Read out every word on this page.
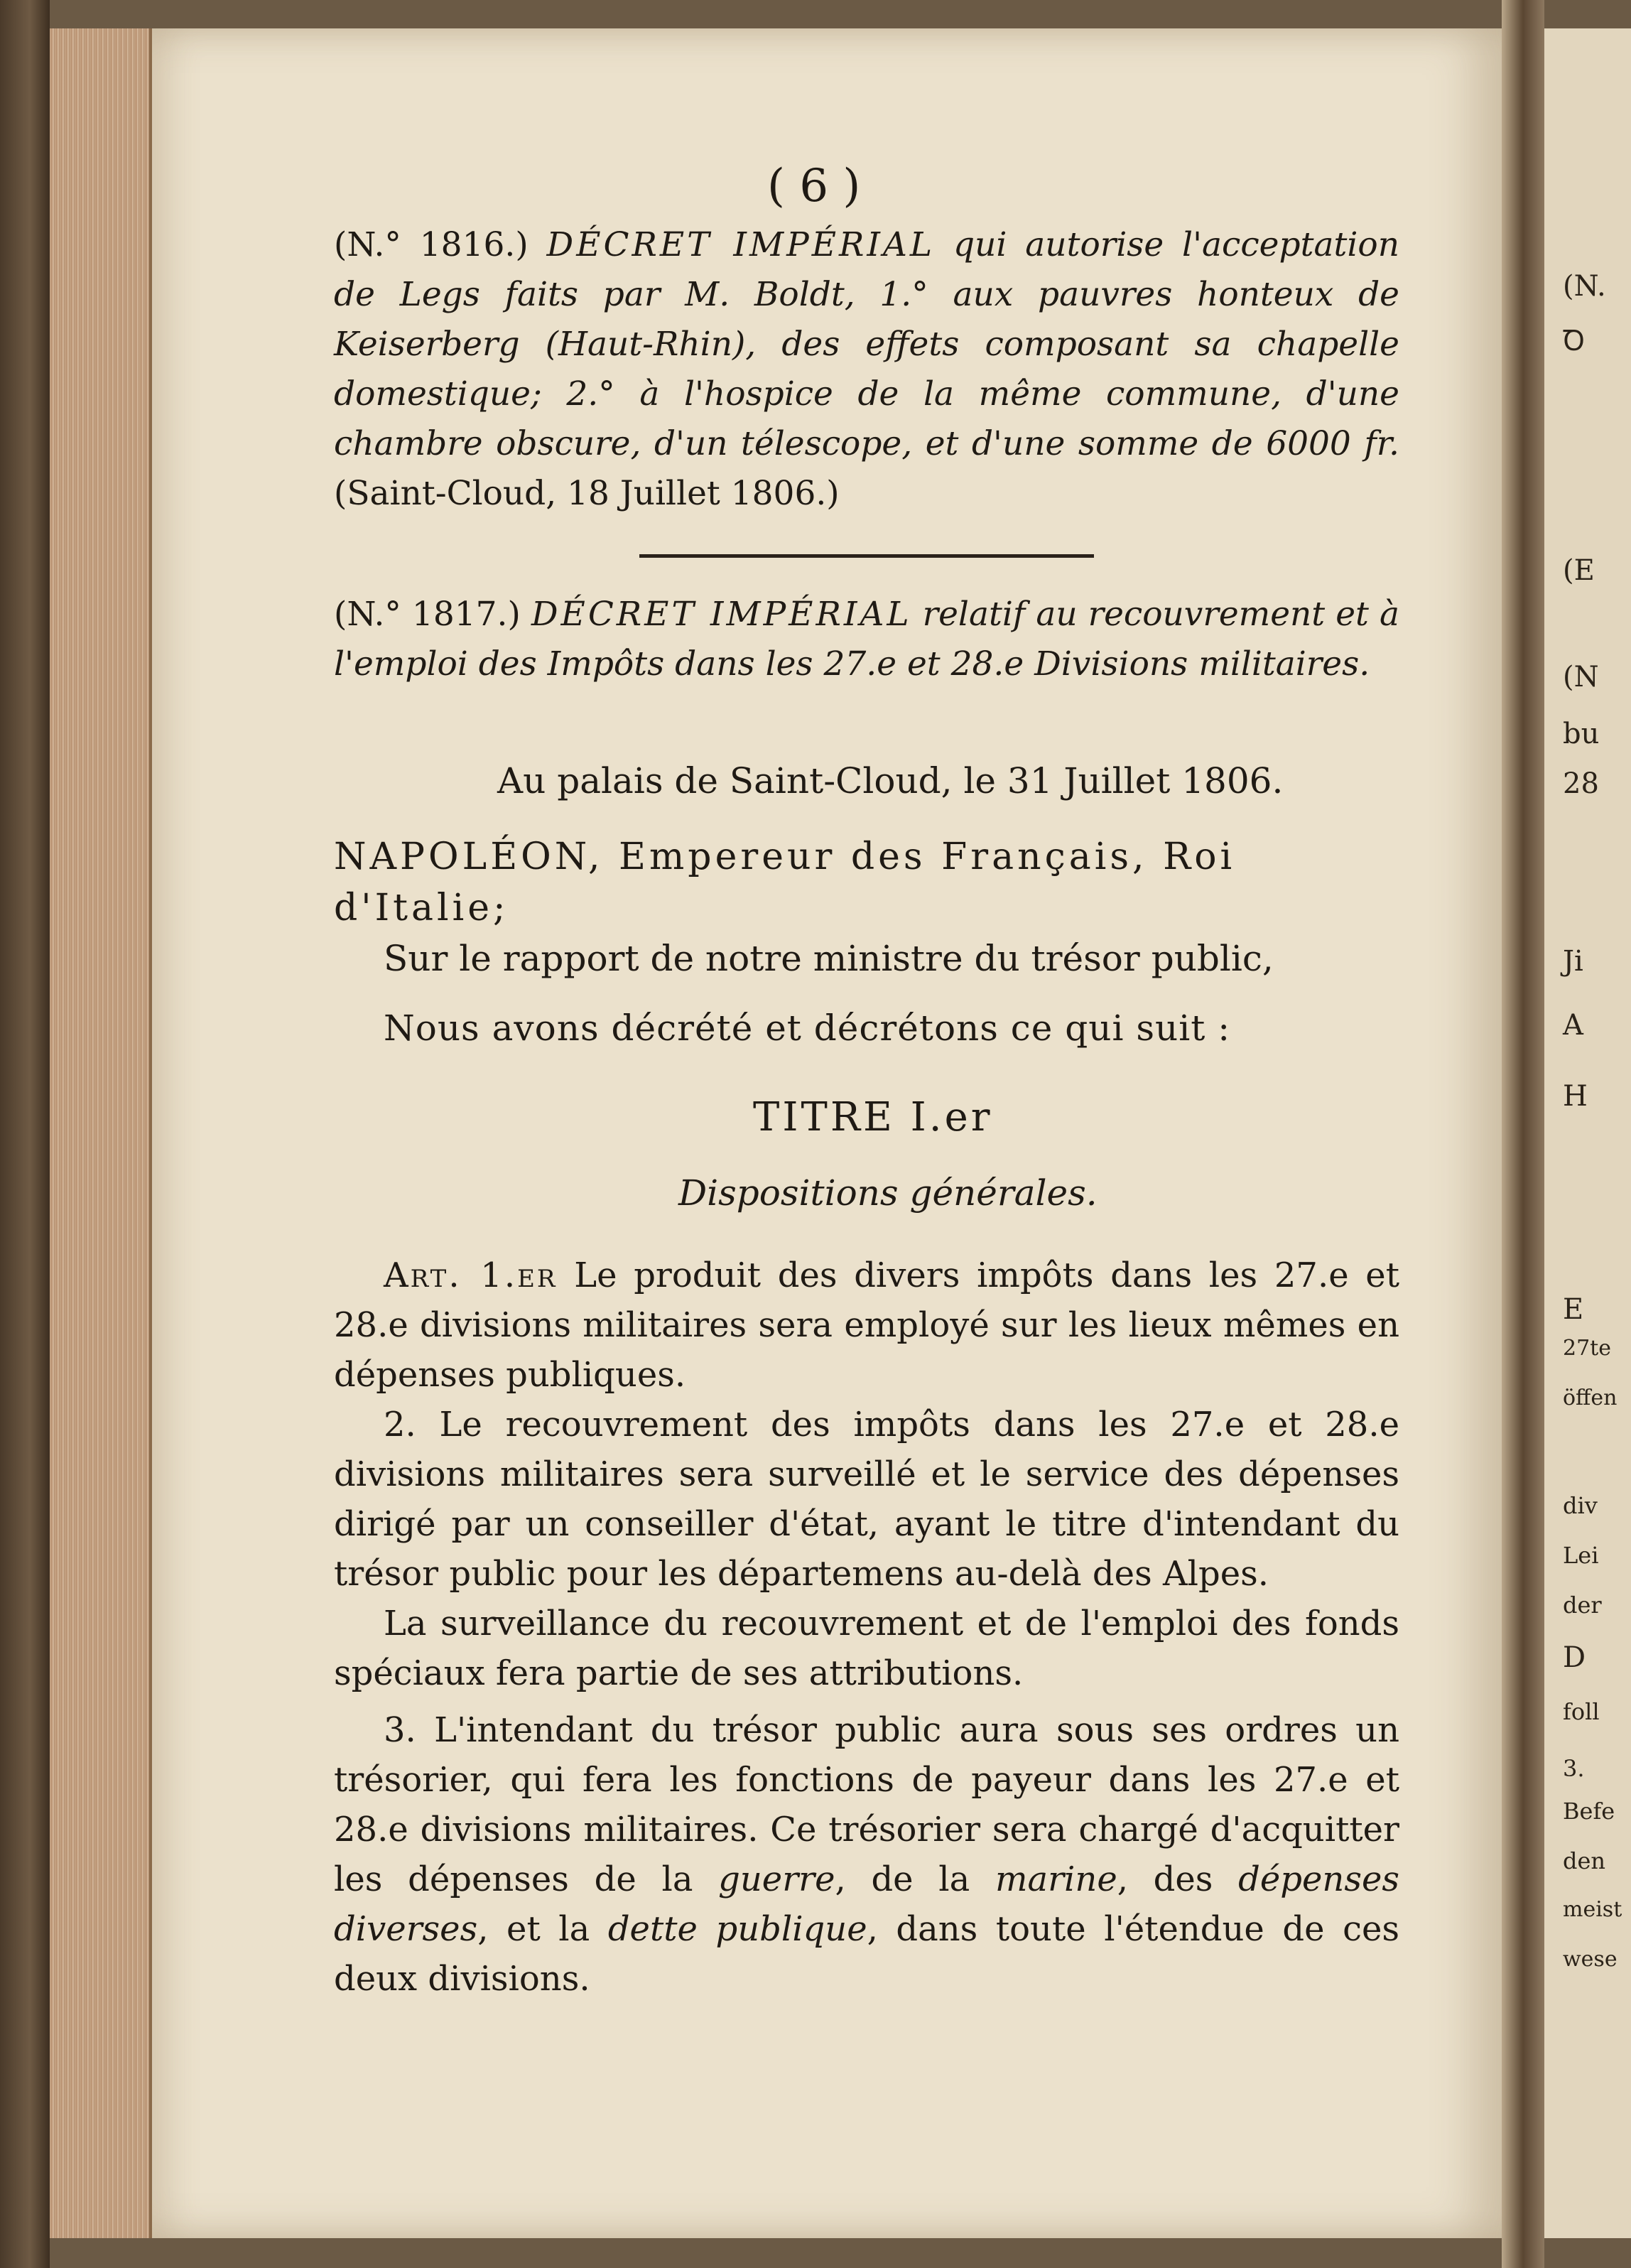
(N.
Ꝺ
(E
(N
bu
28
Ji
A
H
E
27te
öffen
div
Lei
der
D
foll
3.
Befe
den
meist
wese
( 6 )
(N.° 1816.) DÉCRET IMPÉRIAL qui autorise l'acceptation de Legs faits par M. Boldt, 1.° aux pauvres honteux de Keiserberg (Haut-Rhin), des effets composant sa chapelle domestique; 2.° à l'hospice de la même commune, d'une chambre obscure, d'un télescope, et d'une somme de 6000 fr. (Saint-Cloud, 18 Juillet 1806.)
(N.° 1817.) DÉCRET IMPÉRIAL relatif au recouvrement et à l'emploi des Impôts dans les 27.e et 28.e Divisions militaires.
Au palais de Saint-Cloud, le 31 Juillet 1806.
NAPOLÉON, Empereur des Français, Roi d'Italie;
Sur le rapport de notre ministre du trésor public,
Nous avons décrété et décrétons ce qui suit :
TITRE I.er
Dispositions générales.
Art. 1.er Le produit des divers impôts dans les 27.e et 28.e divisions militaires sera employé sur les lieux mêmes en dépenses publiques.
2. Le recouvrement des impôts dans les 27.e et 28.e divisions militaires sera surveillé et le service des dépenses dirigé par un conseiller d'état, ayant le titre d'intendant du trésor public pour les départemens au-delà des Alpes.
La surveillance du recouvrement et de l'emploi des fonds spéciaux fera partie de ses attributions.
3. L'intendant du trésor public aura sous ses ordres un trésorier, qui fera les fonctions de payeur dans les 27.e et 28.e divisions militaires. Ce trésorier sera chargé d'acquitter les dépenses de la guerre, de la marine, des dépenses diverses, et la dette publique, dans toute l'étendue de ces deux divisions.
